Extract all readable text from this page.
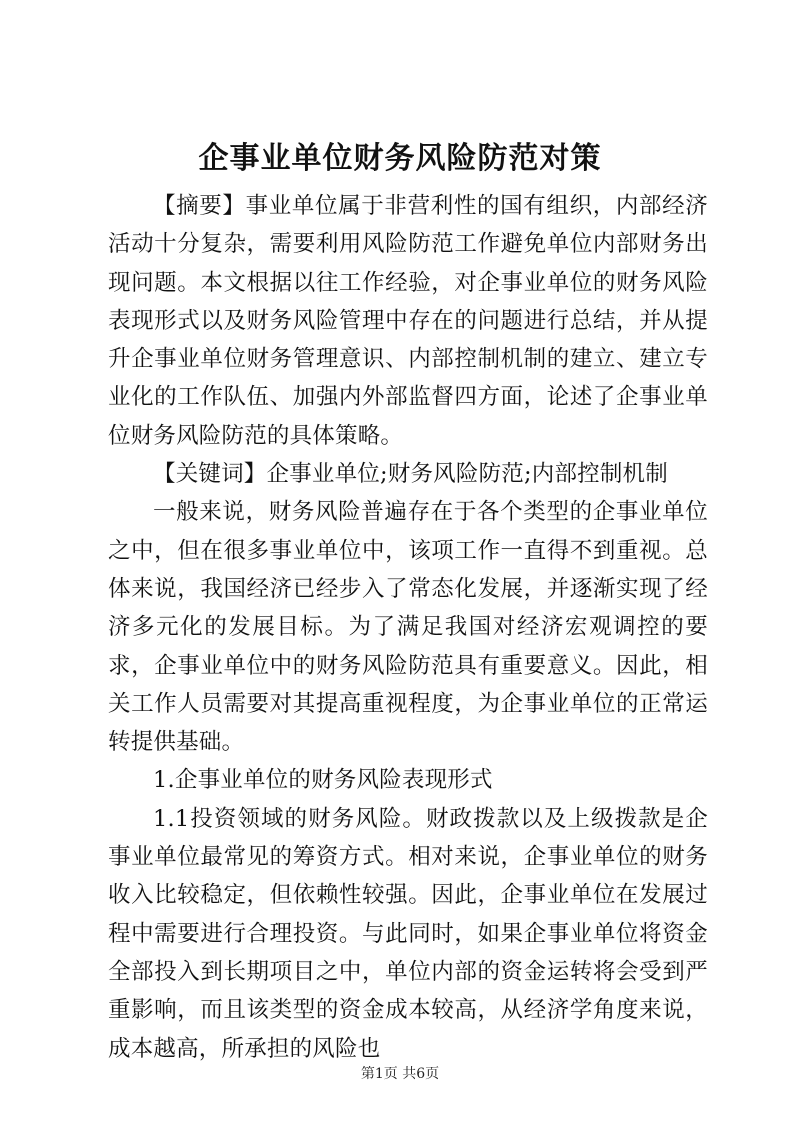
企事业单位财务风险防范对策

【摘要】事业单位属于非营利性的国有组织，内部经济活动十分复杂，需要利用风险防范工作避免单位内部财务出现问题。本文根据以往工作经验，对企事业单位的财务风险表现形式以及财务风险管理中存在的问题进行总结，并从提升企事业单位财务管理意识、内部控制机制的建立、建立专业化的工作队伍、加强内外部监督四方面，论述了企事业单位财务风险防范的具体策略。

【关键词】企事业单位;财务风险防范;内部控制机制

一般来说，财务风险普遍存在于各个类型的企事业单位之中，但在很多事业单位中，该项工作一直得不到重视。总体来说，我国经济已经步入了常态化发展，并逐渐实现了经济多元化的发展目标。为了满足我国对经济宏观调控的要求，企事业单位中的财务风险防范具有重要意义。因此，相关工作人员需要对其提高重视程度，为企事业单位的正常运转提供基础。

1.企事业单位的财务风险表现形式

1.1投资领域的财务风险。财政拨款以及上级拨款是企事业单位最常见的筹资方式。相对来说，企事业单位的财务收入比较稳定，但依赖性较强。因此，企事业单位在发展过程中需要进行合理投资。与此同时，如果企事业单位将资金全部投入到长期项目之中，单位内部的资金运转将会受到严重影响，而且该类型的资金成本较高，从经济学角度来说，成本越高，所承担的风险也

第1页 共6页
